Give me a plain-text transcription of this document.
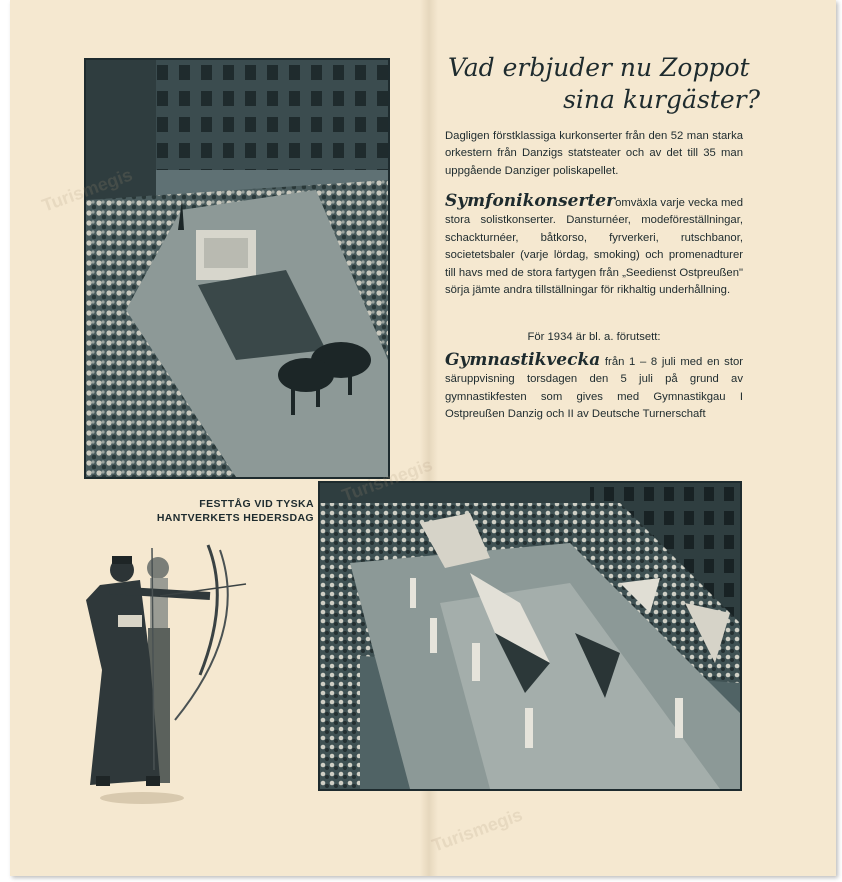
Vad erbjuder nu Zoppot
sina kurgäster?
Dagligen förstklassiga kurkonserter från den 52 man starka orkestern från Danzigs statsteater och av det till 35 man uppgående Danziger poliskapellet.
Symfonikonserteromväxla varje vecka med stora solistkonserter. Dansturnéer, modeföreställningar, schackturnéer, båtkorso, fyrverkeri, rutschbanor, societetsbaler (varje lördag, smoking) och promenadturer till havs med de stora fartygen från „Seedienst Ostpreußen" sörja jämte andra tillställningar för rikhaltig underhållning.
För 1934 är bl. a. förutsett:
Gymnastikvecka från 1 – 8 juli med en stor säruppvisning torsdagen den 5 juli på grund av gymnastikfesten som gives med Gymnastikgau I Ostpreußen Danzig och II av Deutsche Turnerschaft
FESTTÅG VID TYSKA
HANTVERKETS HEDERSDAG
Turismegis
